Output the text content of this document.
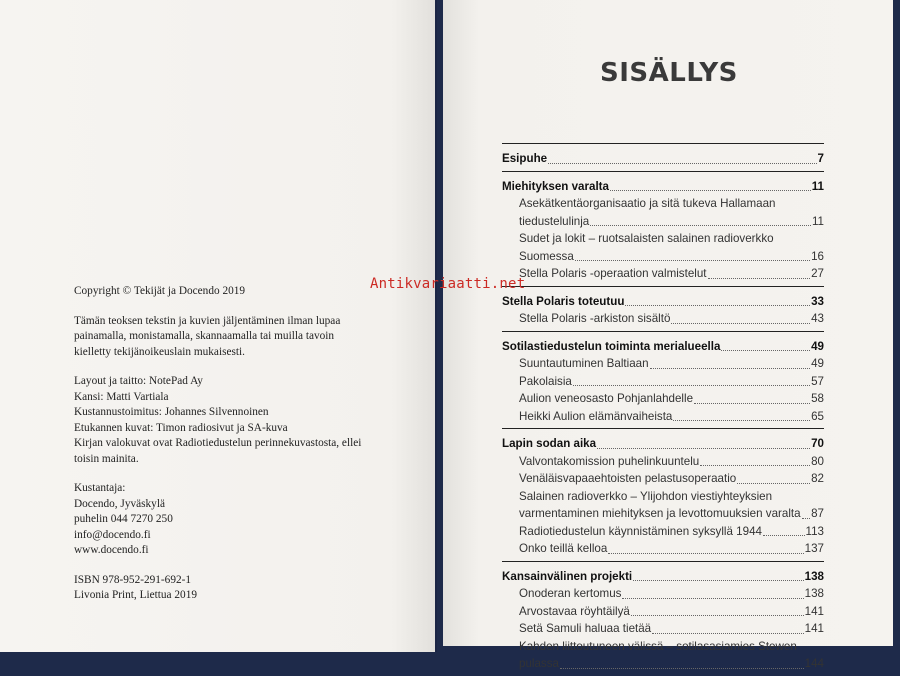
Copyright © Tekijät ja Docendo 2019
Tämän teoksen tekstin ja kuvien jäljentäminen ilman lupaa
painamalla, monistamalla, skannaamalla tai muilla tavoin
kielletty tekijänoikeuslain mukaisesti.
Layout ja taitto: NotePad Ay
Kansi: Matti Vartiala
Kustannustoimitus: Johannes Silvennoinen
Etukannen kuvat: Timon radiosivut ja SA-kuva
Kirjan valokuvat ovat Radiotiedustelun perinnekuvastosta, ellei
toisin mainita.
Kustantaja:
Docendo, Jyväskylä
puhelin 044 7270 250
info@docendo.fi
www.docendo.fi
ISBN 978-952-291-692-1
Livonia Print, Liettua 2019
SISÄLLYS
Esipuhe	7
Miehityksen varalta	11
Asekätkentäorganisaatio ja sitä tukeva Hallamaan
tiedustelulinja	11
Sudet ja lokit – ruotsalaisten salainen radioverkko
Suomessa	16
Stella Polaris -operaation valmistelut	27
Stella Polaris toteutuu	33
Stella Polaris -arkiston sisältö	43
Sotilastiedustelun toiminta merialueella	49
Suuntautuminen Baltiaan	49
Pakolaisia	57
Aulion veneosasto Pohjanlahdelle	58
Heikki Aulion elämänvaiheista	65
Lapin sodan aika	70
Valvontakomission puhelinkuuntelu	80
Venäläisvapaaehtoisten pelastusoperaatio	82
Salainen radioverkko – Ylijohdon viestiyhteyksien
varmentaminen miehityksen ja levottomuuksien varalta 87
Radiotiedustelun käynnistäminen syksyllä 1944	113
Onko teillä kelloa	137
Kansainvälinen projekti	138
Onoderan kertomus	138
Arvostavaa röyhtäilyä	141
Setä Samuli haluaa tietää	141
Kahden liittoutuneen välissä – sotilasasiamies Stewen
pulassa	144
Antikvariaatti.net
